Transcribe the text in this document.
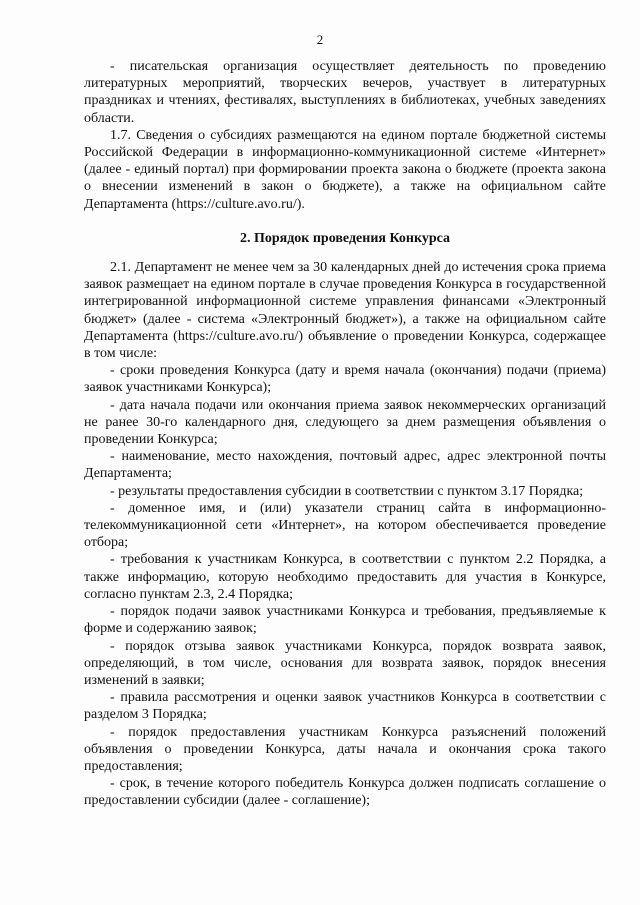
2

- писательская организация осуществляет деятельность по проведению литературных мероприятий, творческих вечеров, участвует в литературных праздниках и чтениях, фестивалях, выступлениях в библиотеках, учебных заведениях области.

1.7. Сведения о субсидиях размещаются на едином портале бюджетной системы Российской Федерации в информационно-коммуникационной системе «Интернет» (далее - единый портал) при формировании проекта закона о бюджете (проекта закона о внесении изменений в закон о бюджете), а также на официальном сайте Департамента (https://culture.avo.ru/).

2. Порядок проведения Конкурса

2.1. Департамент не менее чем за 30 календарных дней до истечения срока приема заявок размещает на едином портале в случае проведения Конкурса в государственной интегрированной информационной системе управления финансами «Электронный бюджет» (далее - система «Электронный бюджет»), а также на официальном сайте Департамента (https://culture.avo.ru/) объявление о проведении Конкурса, содержащее в том числе:

- сроки проведения Конкурса (дату и время начала (окончания) подачи (приема) заявок участниками Конкурса);

- дата начала подачи или окончания приема заявок некоммерческих организаций не ранее 30-го календарного дня, следующего за днем размещения объявления о проведении Конкурса;

- наименование, место нахождения, почтовый адрес, адрес электронной почты Департамента;

- результаты предоставления субсидии в соответствии с пунктом 3.17 Порядка;

- доменное имя, и (или) указатели страниц сайта в информационно-телекоммуникационной сети «Интернет», на котором обеспечивается проведение отбора;

- требования к участникам Конкурса, в соответствии с пунктом 2.2 Порядка, а также информацию, которую необходимо предоставить для участия в Конкурсе, согласно пунктам 2.3, 2.4 Порядка;

- порядок подачи заявок участниками Конкурса и требования, предъявляемые к форме и содержанию заявок;

- порядок отзыва заявок участниками Конкурса, порядок возврата заявок, определяющий, в том числе, основания для возврата заявок, порядок внесения изменений в заявки;

- правила рассмотрения и оценки заявок участников Конкурса в соответствии с разделом 3 Порядка;

- порядок предоставления участникам Конкурса разъяснений положений объявления о проведении Конкурса, даты начала и окончания срока такого предоставления;

- срок, в течение которого победитель Конкурса должен подписать соглашение о предоставлении субсидии (далее - соглашение);
